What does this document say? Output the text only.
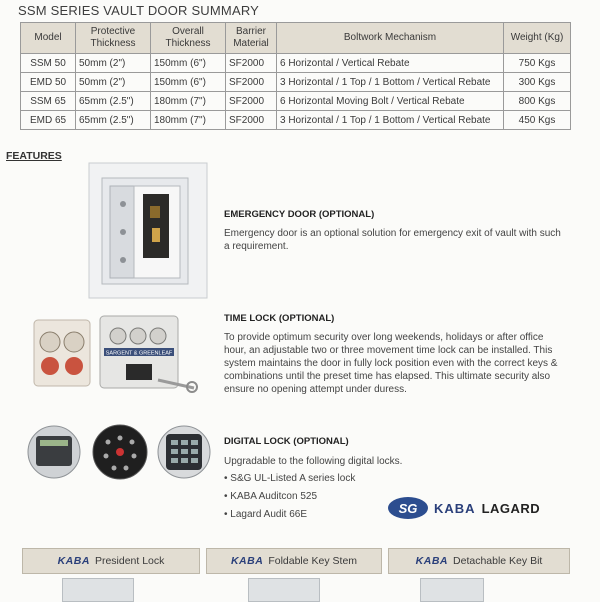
SSM SERIES VAULT DOOR SUMMARY
Model	Protective Thickness	Overall Thickness	Barrier Material	Boltwork Mechanism	Weight (Kg)
SSM 50	50mm (2")	150mm (6")	SF2000	6 Horizontal / Vertical Rebate	750 Kgs
EMD 50	50mm (2")	150mm (6")	SF2000	3 Horizontal / 1 Top / 1 Bottom / Vertical Rebate	300 Kgs
SSM 65	65mm (2.5")	180mm (7")	SF2000	6 Horizontal Moving Bolt / Vertical Rebate	800 Kgs
EMD 65	65mm (2.5")	180mm (7")	SF2000	3 Horizontal / 1 Top / 1 Bottom / Vertical Rebate	450 Kgs
FEATURES
EMERGENCY DOOR (OPTIONAL)
Emergency door is an optional solution for emergency exit of vault with such a requirement.
SARGENT & GREENLEAF
TIME LOCK (OPTIONAL)
To provide optimum security over long weekends, holidays or after office hour, an adjustable two or three movement time lock can be installed. This system maintains the door in fully lock position even with the correct keys & combinations until the preset time has elapsed. This ultimate security also ensure no opening attempt under duress.
DIGITAL LOCK (OPTIONAL)
Upgradable to the following digital locks.
• S&G UL-Listed A series lock
• KABA Auditcon 525
• Lagard Audit 66E	SG	KABA LAGARD
KABA President Lock	KABA Foldable Key Stem	KABA Detachable Key Bit
